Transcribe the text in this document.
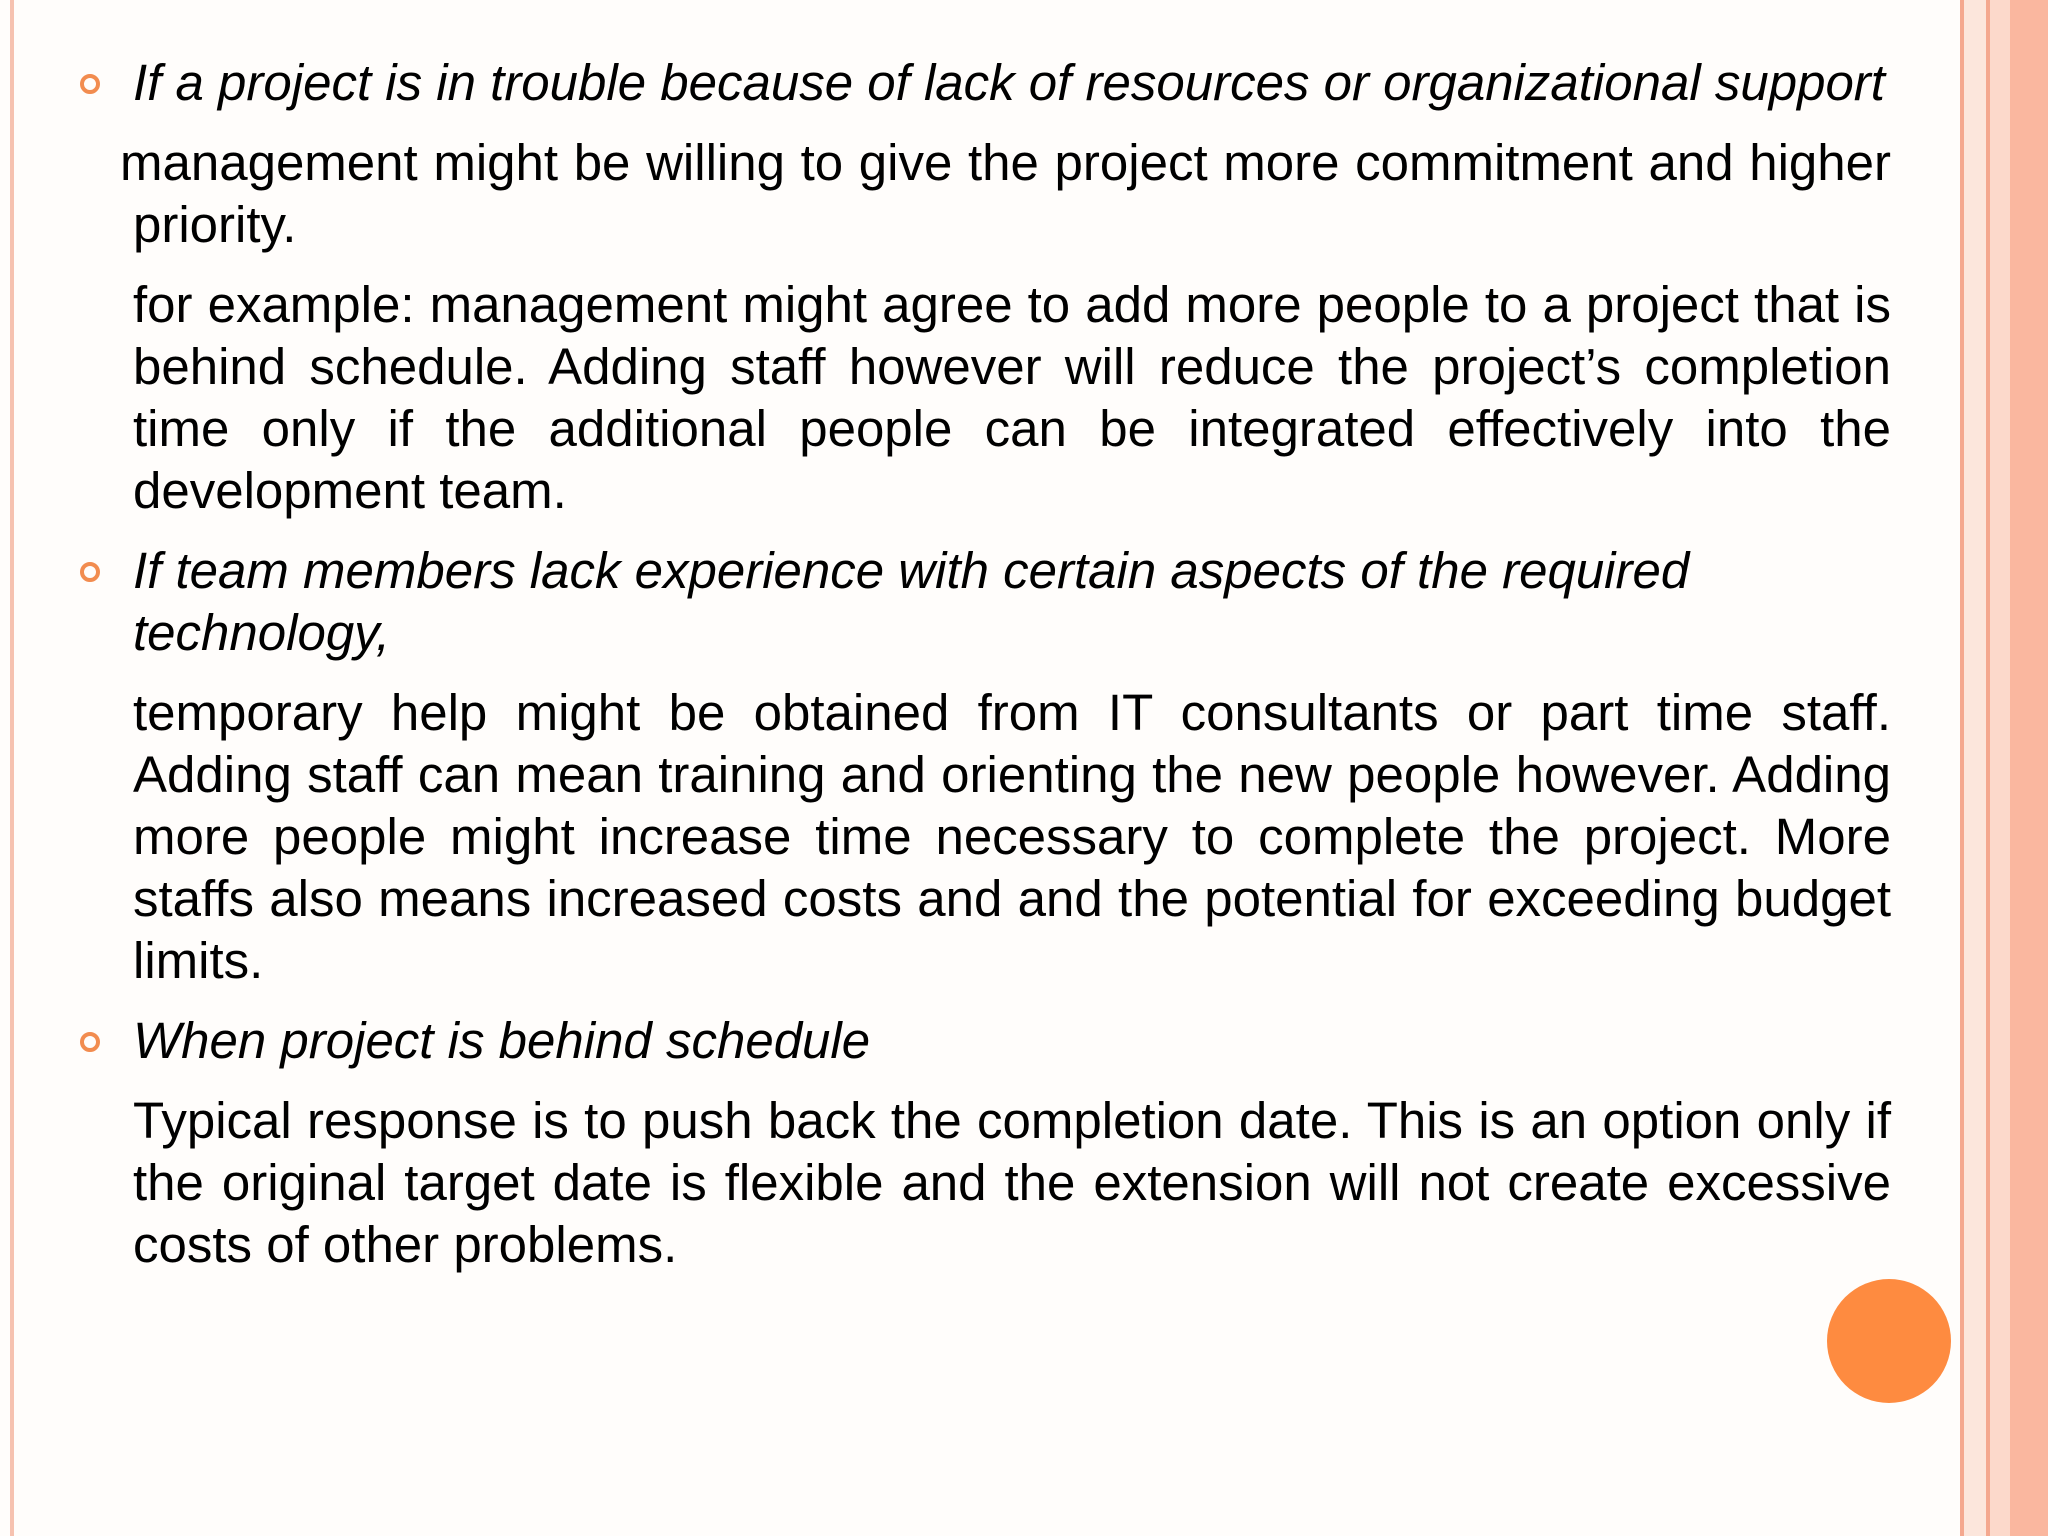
If a project is in trouble because of lack of resources or organizational support

management might be willing to give the project more commitment and higher priority.

for example: management might agree to add more people to a project that is behind schedule. Adding staff however will reduce the project’s completion time only if the additional people can be integrated effectively into the development team.

If team members lack experience with certain aspects of the required technology,

temporary help might be obtained from IT consultants or part time staff. Adding staff can mean training and orienting the new people however. Adding more people might increase time necessary to complete the project. More staffs also means increased costs and and the potential for exceeding budget limits.

When project is behind schedule

Typical response is to push back the completion date. This is an option only if the original target date is flexible and the extension will not create excessive costs of other problems.
